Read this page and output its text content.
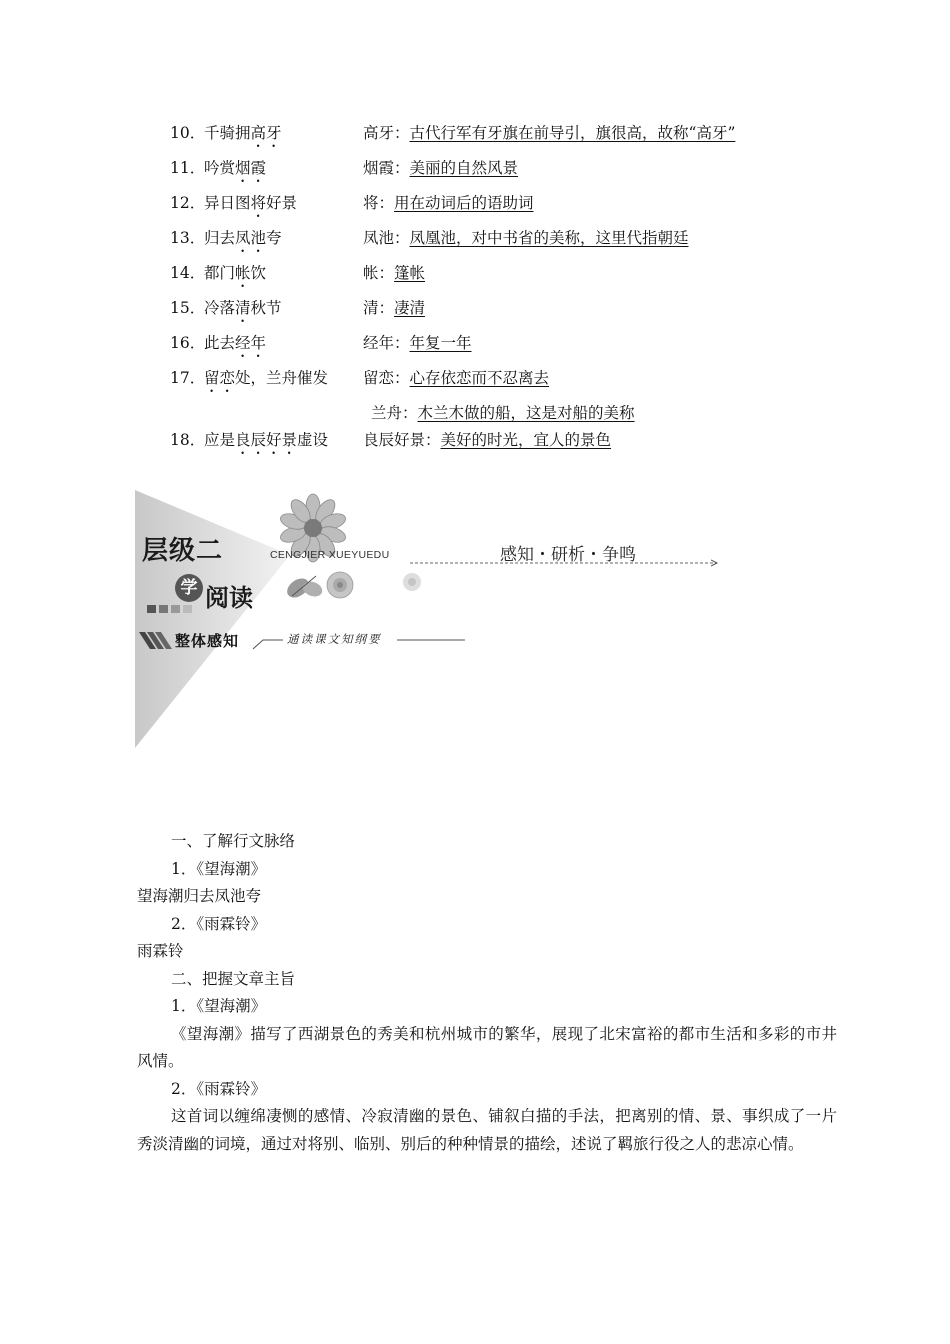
10．
千骑拥高牙	高牙：古代行军有牙旗在前导引，旗很高，故称“高牙”
11．
吟赏烟霞	烟霞：美丽的自然风景
12．
异日图将好景	将：用在动词后的语助词
13．
归去凤池夸	凤池：凤凰池，对中书省的美称，这里代指朝廷
14．
都门帐饮	帐：篷帐
15．
冷落清秋节	清：凄清
16．
此去经年	经年：年复一年
17．
留恋处，兰舟催发 留恋：心存依恋而不忍离去
兰舟：木兰木做的船，这是对船的美称
18．
应是良辰好景虚设 良辰好景：美好的时光，宜人的景色
层级二	CENGJIER XUEYUEDU	感知・研析・争鸣
学 阅读
整体感知	通读课文知纲要

一、了解行文脉络

1．《望海潮》

望海潮归去凤池夸

2．《雨霖铃》

雨霖铃

二、把握文章主旨

1．《望海潮》

《望海潮》描写了西湖景色的秀美和杭州城市的繁华，展现了北宋富裕的都市生活和多彩的市井风情。

2．《雨霖铃》

这首词以缠绵凄恻的感情、冷寂清幽的景色、铺叙白描的手法，把离别的情、景、事织成了一片秀淡清幽的词境，通过对将别、临别、别后的种种情景的描绘，述说了羁旅行役之人的悲凉心情。
